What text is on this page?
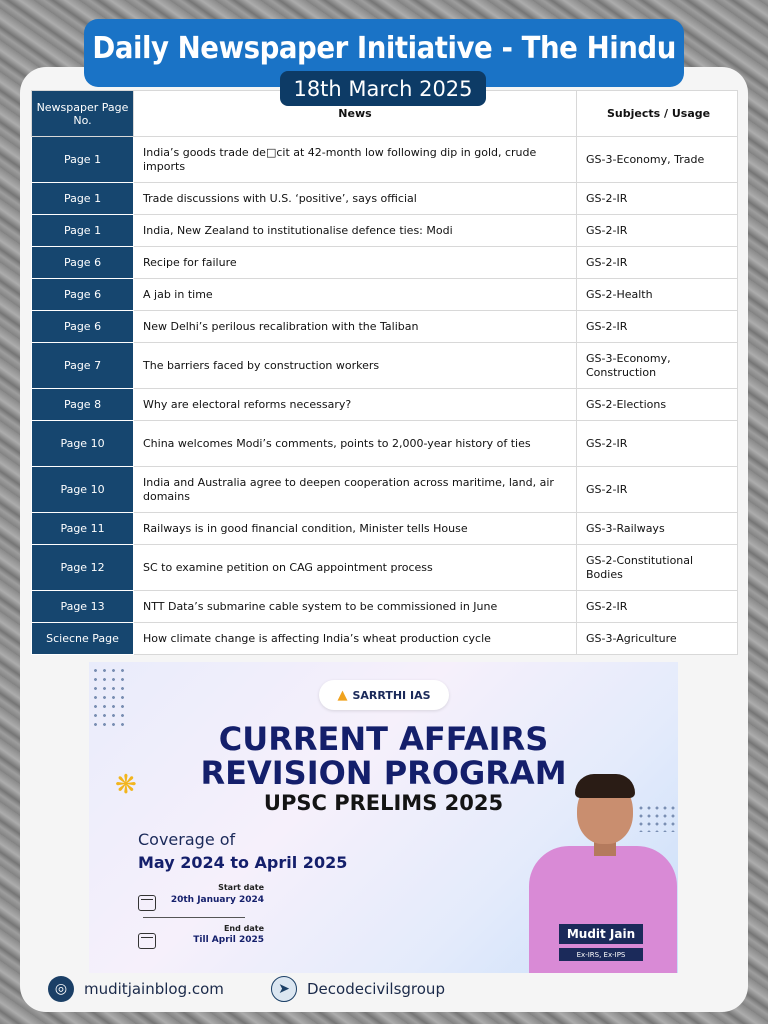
Daily Newspaper Initiative - The Hindu
18th March 2025
Newspaper Page No.	News	Subjects / Usage
Page 1	India’s goods trade de□cit at 42-month low following dip in gold, crude imports	GS-3-Economy, Trade
Page 1	Trade discussions with U.S. ‘positive’, says official	GS-2-IR
Page 1	India, New Zealand to institutionalise defence ties: Modi	GS-2-IR
Page 6	Recipe for failure	GS-2-IR
Page 6	A jab in time	GS-2-Health
Page 6	New Delhi’s perilous recalibration with the Taliban	GS-2-IR
Page 7	The barriers faced by construction workers	GS-3-Economy, Construction
Page 8	Why are electoral reforms necessary?	GS-2-Elections
Page 10	China welcomes Modi’s comments, points to 2,000-year history of ties	GS-2-IR
Page 10	India and Australia agree to deepen cooperation across maritime, land, air domains	GS-2-IR
Page 11	Railways is in good financial condition, Minister tells House	GS-3-Railways
Page 12	SC to examine petition on CAG appointment process	GS-2-Constitutional Bodies
Page 13	NTT Data’s submarine cable system to be commissioned in June	GS-2-IR
Sciecne Page	How climate change is affecting India’s wheat production cycle	GS-3-Agriculture
▲ SARRTHI IAS
CURRENT AFFAIRS
REVISION PROGRAM
UPSC PRELIMS 2025
❋
Coverage of
May 2024 to April 2025
Start date
20th January 2024
End date
Till April 2025	Mudit Jain
Ex-IRS, Ex-IPS
◎	muditjainblog.com	➤	Decodecivilsgroup
